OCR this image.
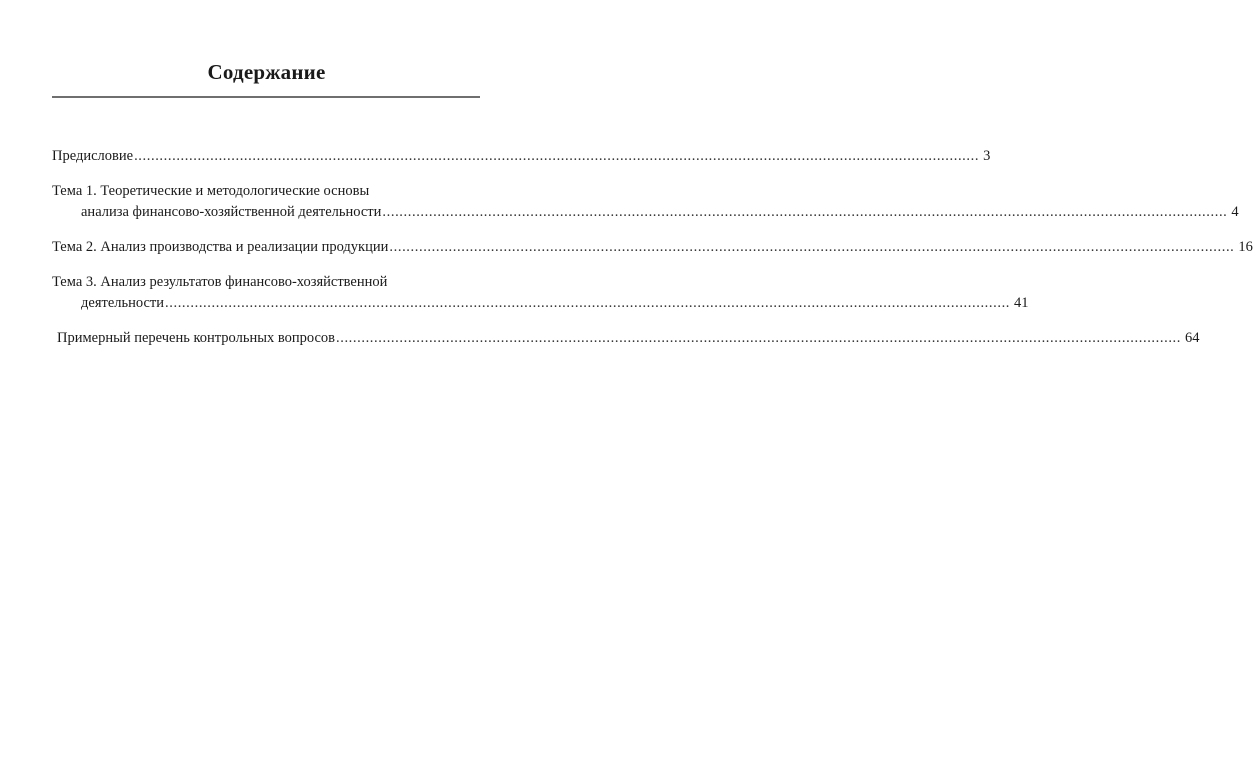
Содержание
Предисловие ........................................................................................................................................................................................................ 3
Тема 1. Теоретические и методологические основы
анализа финансово-хозяйственной деятельности ........................................................................................................................................................................................................ 4
Тема 2. Анализ производства и реализации продукции ........................................................................................................................................................................................................ 16
Тема 3. Анализ результатов финансово-хозяйственной
деятельности ........................................................................................................................................................................................................ 41
Примерный перечень контрольных вопросов ........................................................................................................................................................................................................ 64
